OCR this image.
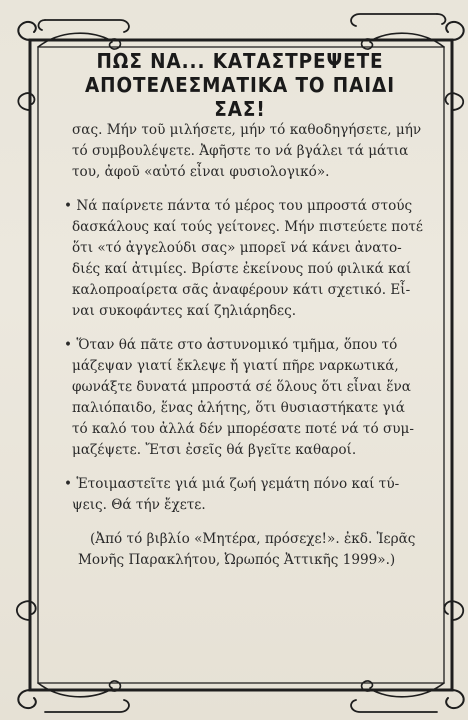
ΠΩΣ ΝΑ... ΚΑΤΑΣΤΡΕΨΕΤΕ
ΑΠΟΤΕΛΕΣΜΑΤΙΚΑ ΤΟ ΠΑΙΔΙ ΣΑΣ!
σας. Μήν τοῦ μιλήσετε, μήν τό καθοδηγήσετε, μήν
τό συμβουλέψετε. Ἀφῆστε το νά βγάλει τά μάτια
του, ἀφοῦ «αὐτό εἶναι φυσιολογικό».
• Νά παίρνετε πάντα τό μέρος του μπροστά στούς
δασκάλους καί τούς γείτονες. Μήν πιστεύετε ποτέ
ὅτι «τό ἀγγελούδι σας» μπορεῖ νά κάνει ἀνατο-
διές καί ἀτιμίες. Βρίστε ἐκείνους πού φιλικά καί
καλοπροαίρετα σᾶς ἀναφέρουν κάτι σχετικό. Εἶ-
ναι συκοφάντες καί ζηλιάρηδες.
• Ὅταν θά πᾶτε στο ἀστυνομικό τμῆμα, ὅπου τό
μάζεψαν γιατί ἔκλεψε ἤ γιατί πῆρε ναρκωτικά,
φωνάξτε δυνατά μπροστά σέ ὅλους ὅτι εἶναι ἕνα
παλιόπαιδο, ἕνας ἀλήτης, ὅτι θυσιαστήκατε γιά
τό καλό του ἀλλά δέν μπορέσατε ποτέ νά τό συμ-
μαζέψετε. Ἔτσι ἐσεῖς θά βγεῖτε καθαροί.
• Ἑτοιμαστεῖτε γιά μιά ζωή γεμάτη πόνο καί τύ-
ψεις. Θά τήν ἔχετε.
(Ἀπό τό βιβλίο «Μητέρα, πρόσεχε!». ἐκδ. Ἱερᾶς
Μονῆς Παρακλήτου, Ὠρωπός Ἀττικῆς 1999».)
